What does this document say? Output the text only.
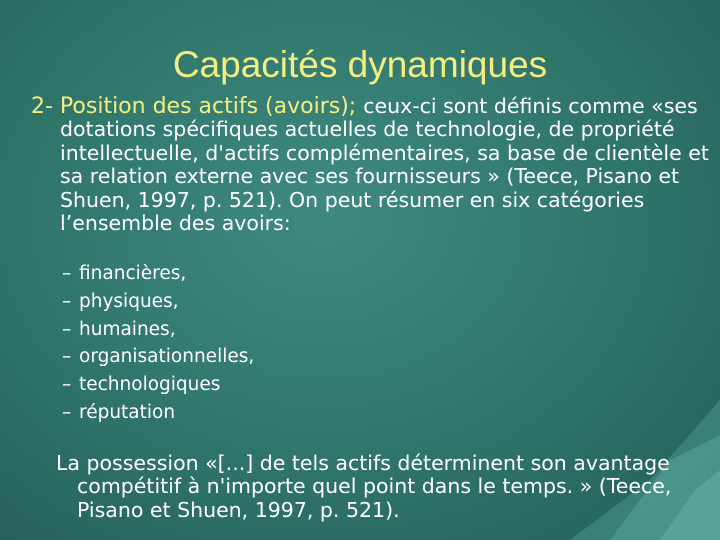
Capacités dynamiques

2- Position des actifs (avoirs); ceux-ci sont définis comme «ses dotations spécifiques actuelles de technologie, de propriété intellectuelle, d'actifs complémentaires, sa base de clientèle et sa relation externe avec ses fournisseurs » (Teece, Pisano et Shuen, 1997, p. 521). On peut résumer en six catégories l’ensemble des avoirs:

– financières,
– physiques,
– humaines,
– organisationnelles,
– technologiques
– réputation

La possession «[...] de tels actifs déterminent son avantage compétitif à n'importe quel point dans le temps. » (Teece, Pisano et Shuen, 1997, p. 521).
